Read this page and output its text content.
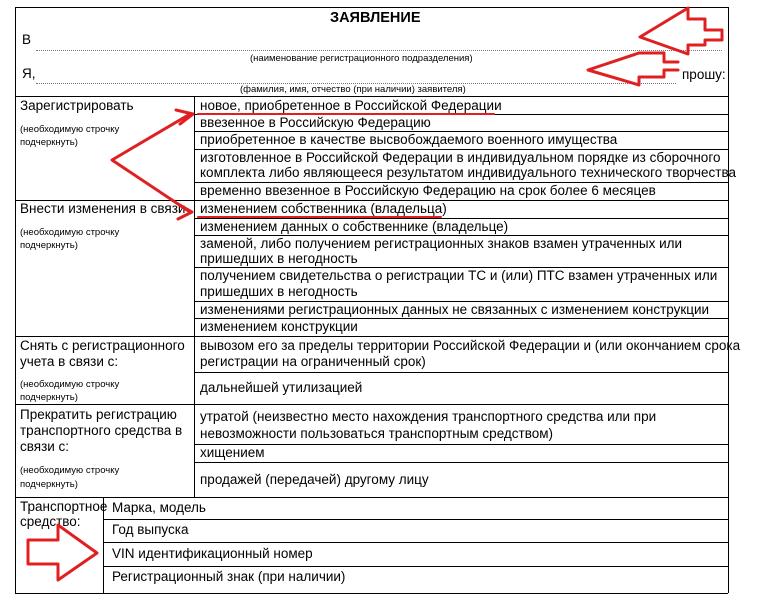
ЗАЯВЛЕНИЕ
В
(наименование регистрационного подразделения)
Я,	прошу:
(фамилия, имя, отчество (при наличии) заявителя)
Зарегистрировать
(необходимую строчку
подчеркнуть)
новое, приобретенное в Российской Федерации
ввезенное в Российскую Федерацию
приобретенное в качестве высвобождаемого военного имущества
изготовленное в Российской Федерации в индивидуальном порядке из сборочного
комплекта либо являющееся результатом индивидуального технического творчества
временно ввезенное в Российскую Федерацию на срок более 6 месяцев
Внести изменения в связи
(необходимую строчку
подчеркнуть)
изменением собственника (владельца)
изменением данных о собственнике (владельце)
заменой, либо получением регистрационных знаков взамен утраченных или
пришедших в негодность
получением свидетельства о регистрации ТС и (или) ПТС взамен утраченных или
пришедших в негодность
изменениями регистрационных данных не связанных с изменением конструкции
изменением конструкции
Снять с регистрационного
учета в связи с:
(необходимую строчку
подчеркнуть)
вывозом его за пределы территории Российской Федерации и (или окончанием срока
регистрации на ограниченный срок)
дальнейшей утилизацией
Прекратить регистрацию
транспортного средства в
связи с:
(необходимую строчку
подчеркнуть)
утратой (неизвестно место нахождения транспортного средства или при
невозможности пользоваться транспортным средством)
хищением
продажей (передачей) другому лицу
Транспортное
средство:
Марка, модель
Год выпуска
VIN идентификационный номер
Регистрационный знак (при наличии)
